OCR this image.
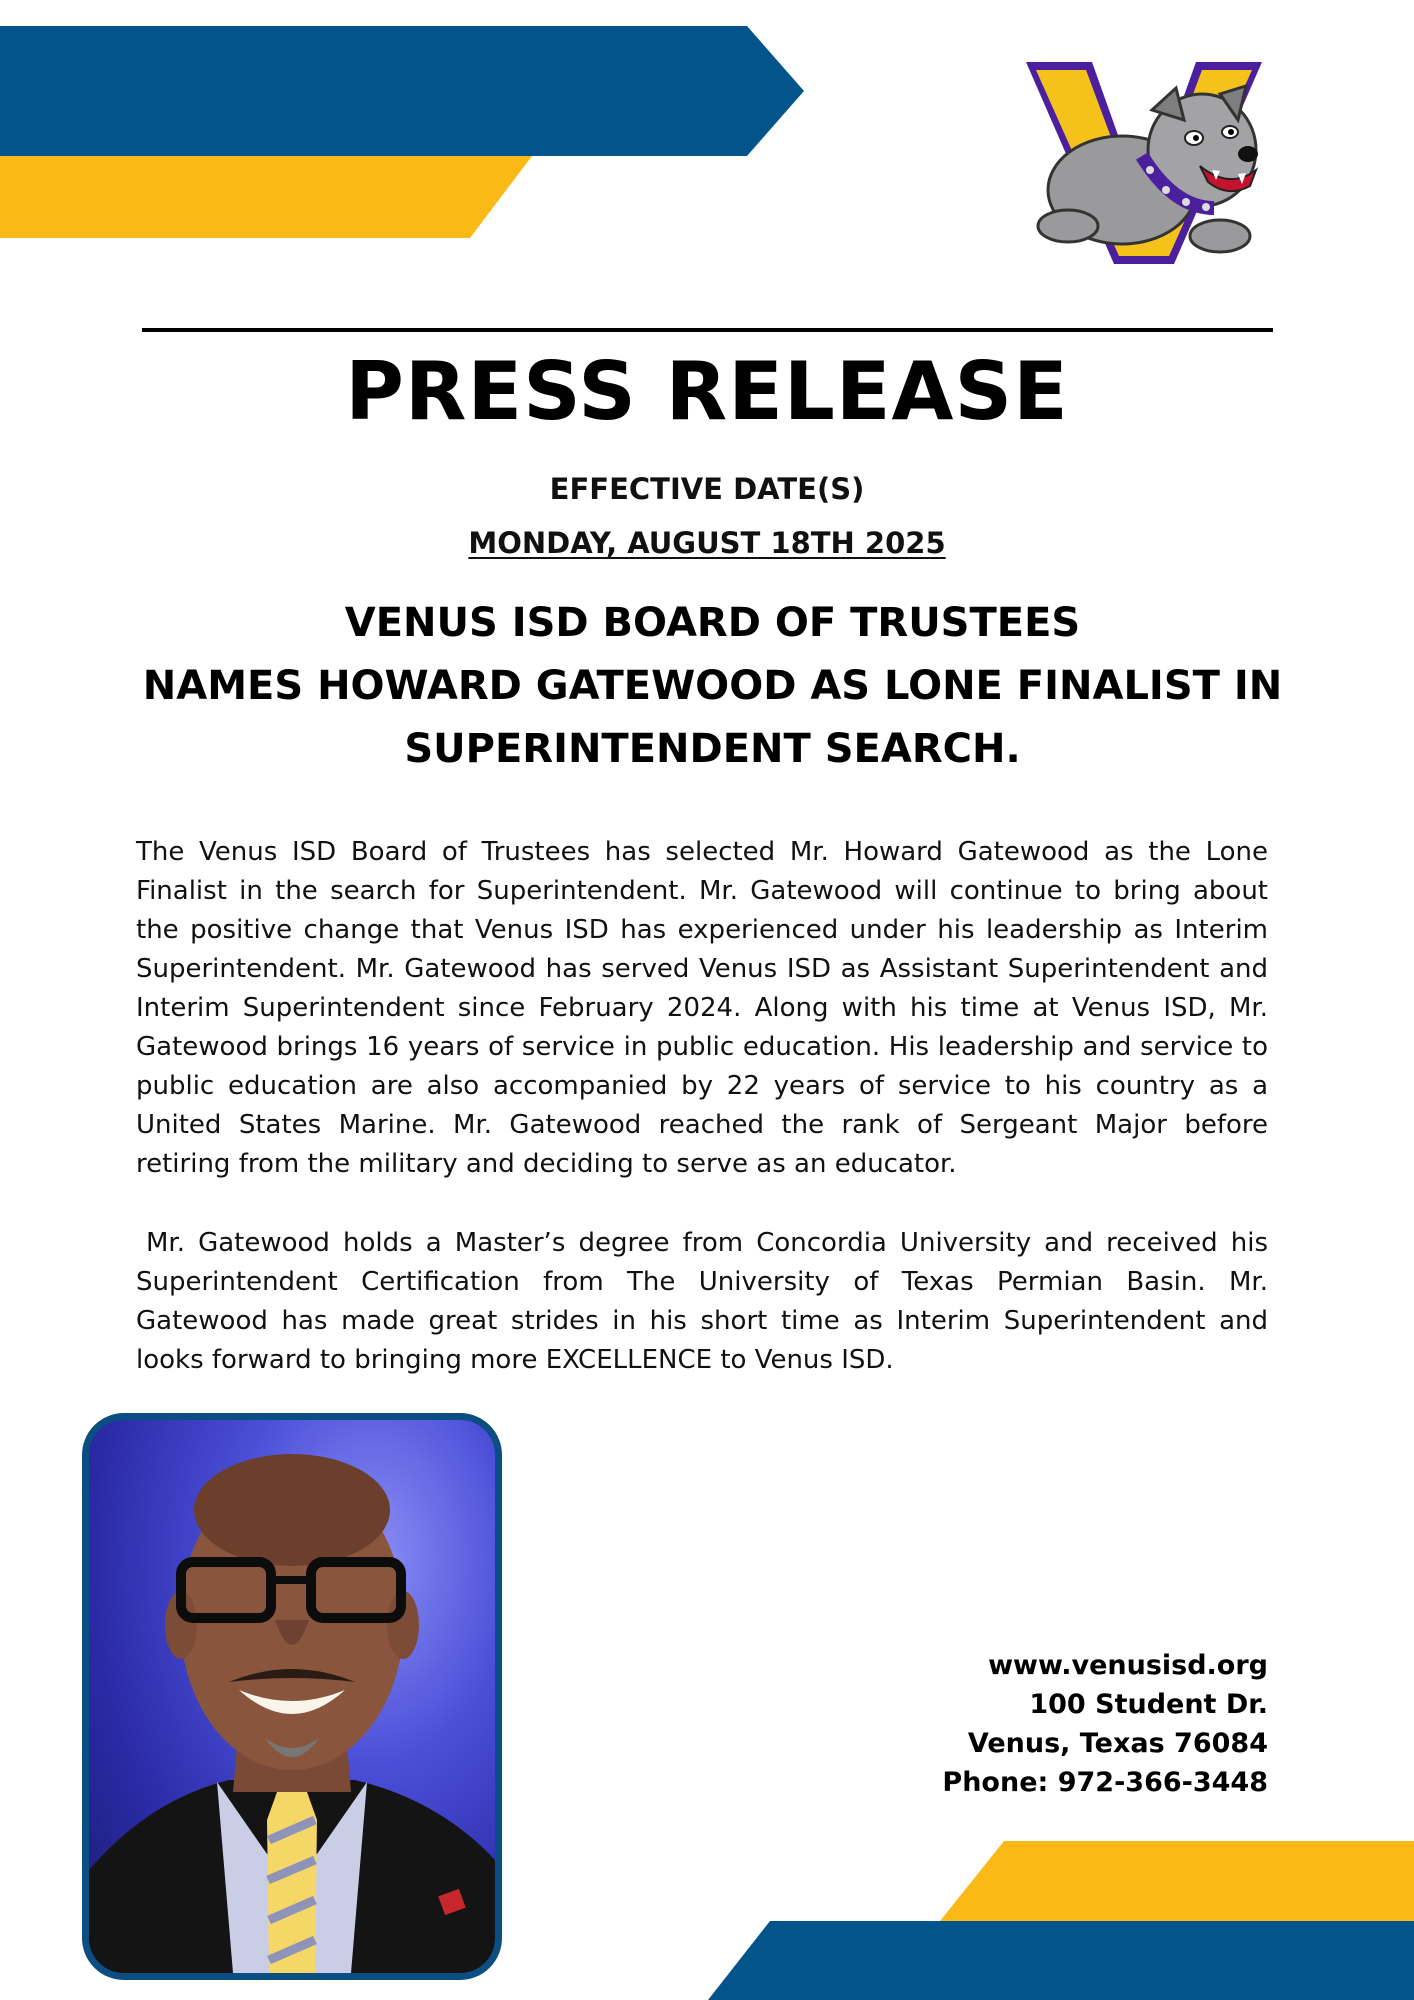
PRESS RELEASE
EFFECTIVE DATE(S)
MONDAY, AUGUST 18TH 2025
VENUS ISD BOARD OF TRUSTEES
NAMES HOWARD GATEWOOD AS LONE FINALIST IN
SUPERINTENDENT SEARCH.

The Venus ISD Board of Trustees has selected Mr. Howard Gatewood as the Lone Finalist in the search for Superintendent. Mr. Gatewood will continue to bring about the positive change that Venus ISD has experienced under his leadership as Interim Superintendent. Mr. Gatewood has served Venus ISD as Assistant Superintendent and Interim Superintendent since February 2024. Along with his time at Venus ISD, Mr. Gatewood brings 16 years of service in public education. His leadership and service to public education are also accompanied by 22 years of service to his country as a United States Marine. Mr. Gatewood reached the rank of Sergeant Major before retiring from the military and deciding to serve as an educator.

Mr. Gatewood holds a Master’s degree from Concordia University and received his Superintendent Certification from The University of Texas Permian Basin. Mr. Gatewood has made great strides in his short time as Interim Superintendent and looks forward to bringing more EXCELLENCE to Venus ISD.

www.venusisd.org
100 Student Dr.
Venus, Texas 76084
Phone: 972-366-3448
